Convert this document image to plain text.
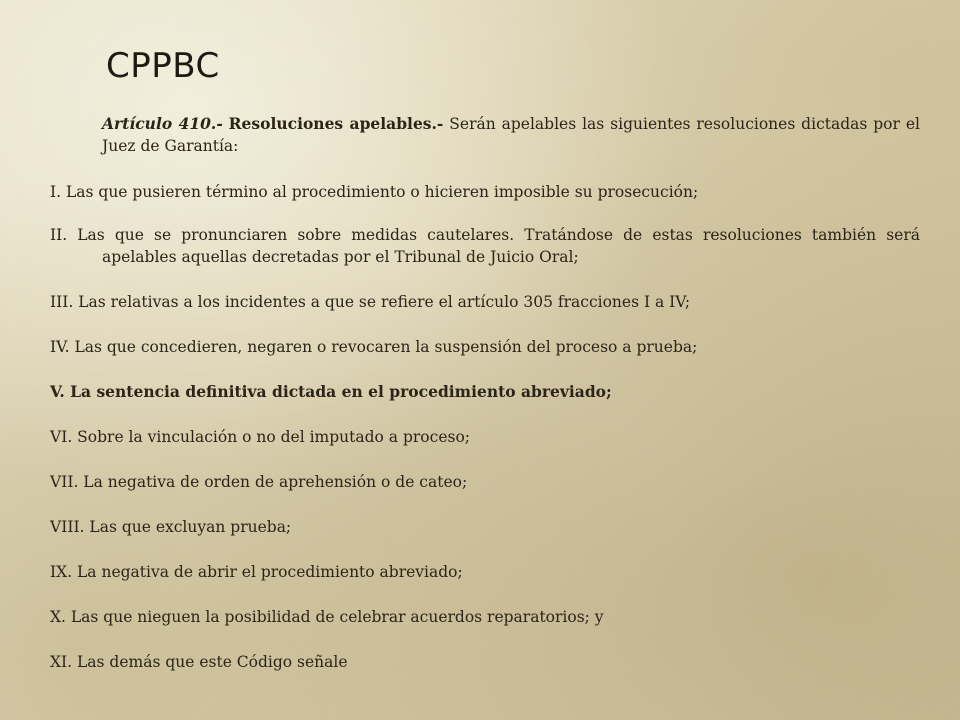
CPPBC

Artículo 410.- Resoluciones apelables.- Serán apelables las siguientes resoluciones dictadas por el Juez de Garantía:

I. Las que pusieren término al procedimiento o hicieren imposible su prosecución;

II. Las que se pronunciaren sobre medidas cautelares. Tratándose de estas resoluciones también será apelables aquellas decretadas por el Tribunal de Juicio Oral;

III. Las relativas a los incidentes a que se refiere el artículo 305 fracciones I a IV;

IV. Las que concedieren, negaren o revocaren la suspensión del proceso a prueba;

V. La sentencia definitiva dictada en el procedimiento abreviado;

VI. Sobre la vinculación o no del imputado a proceso;

VII. La negativa de orden de aprehensión o de cateo;

VIII. Las que excluyan prueba;

IX. La negativa de abrir el procedimiento abreviado;

X. Las que nieguen la posibilidad de celebrar acuerdos reparatorios; y

XI. Las demás que este Código señale
